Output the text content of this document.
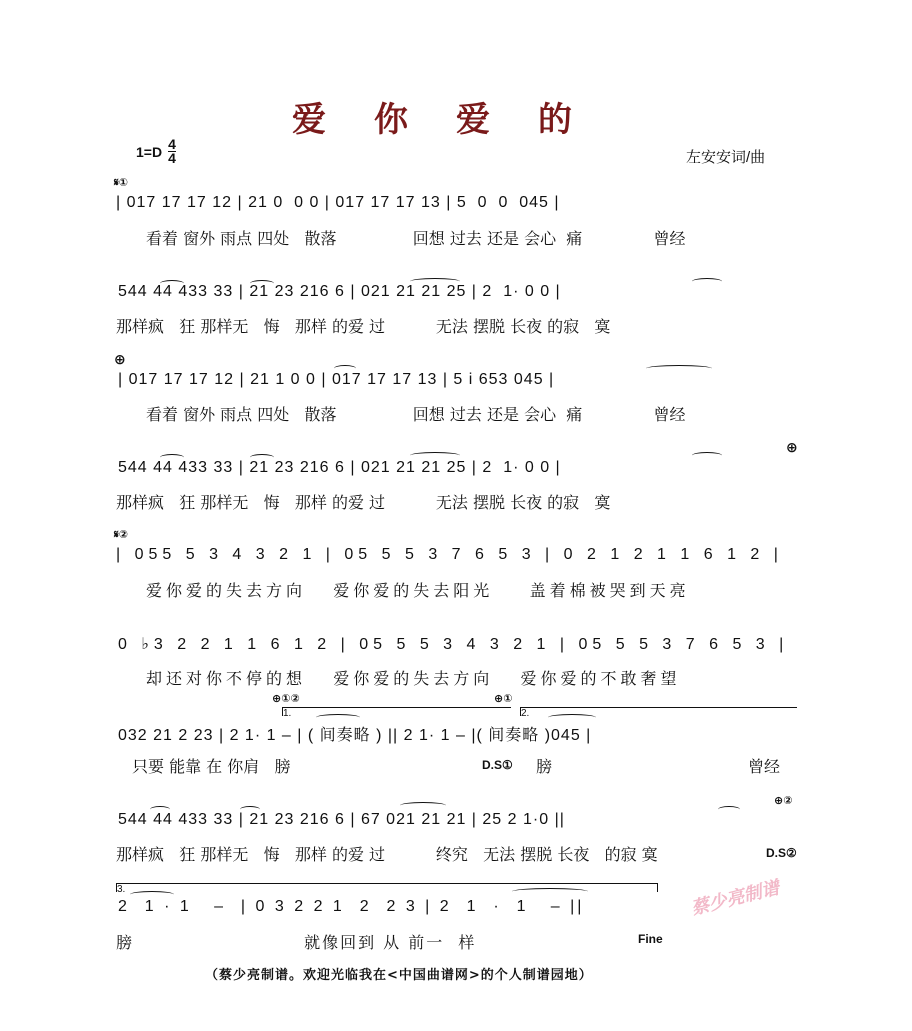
爱你爱的
$1=D \frac{4}{4}$	左安安词/曲
𝄋①
| 017 17 17 12 | 21 0  0 0 | 017 17 17 13 | 5  0  0  045 |
看着 窗外 雨点 四处   散落               回想 过去 还是 会心  痛              曾经
544 44 433 33 | 21 23 216 6 | 021 21 21 25 | 2  1· 0 0 |
那样疯   狂 那样无   悔   那样 的爱 过          无法 摆脱 长夜 的寂   寞
⊕
| 017 17 17 12 | 21 1 0 0 | 017 17 17 13 | 5 i 653 045 |
看着 窗外 雨点 四处   散落               回想 过去 还是 会心  痛              曾经
⊕
544 44 433 33 | 21 23 216 6 | 021 21 21 25 | 2  1· 0 0 |
那样疯   狂 那样无   悔   那样 的爱 过          无法 摆脱 长夜 的寂   寞
𝄋②
| 055 5 3 4 3 2 1 | 05 5 5 3 7 6 5 3 | 0 2 1 2 1 1 6 1 2 |
爱你爱的失去方向   爱你爱的失去阳光    盖着棉被哭到天亮
0 ♭3 2 2 1 1 6 1 2 | 05 5 5 3 4 3 2 1 | 05 5 5 3 7 6 5 3 |
却还对你不停的想   爱你爱的失去方向   爱你爱的不敢奢望
⊕①②	⊕①
1.	2.
032 21 2 23 | 2 1· 1 – | ( 间奏略 ) || 2 1· 1 – |( 间奏略 )045 |
只要 能靠 在 你肩   膀	D.S① 膀	曾经
⊕②
544 44 433 33 | 21 23 216 6 | 67 021 21 21 | 25 2 1·0 ||
那样疯   狂 那样无   悔   那样 的爱 过          终究   无法 摆脱 长夜   的寂 寞	D.S②
3.
2  1 · 1   –  | 0 3 2 2 1  2  2 3 | 2  1  ·  1   – ||
膀                        就像回到 从 前一  样	Fine
蔡少亮制谱
（蔡少亮制谱。欢迎光临我在<中国曲谱网>的个人制谱园地）
